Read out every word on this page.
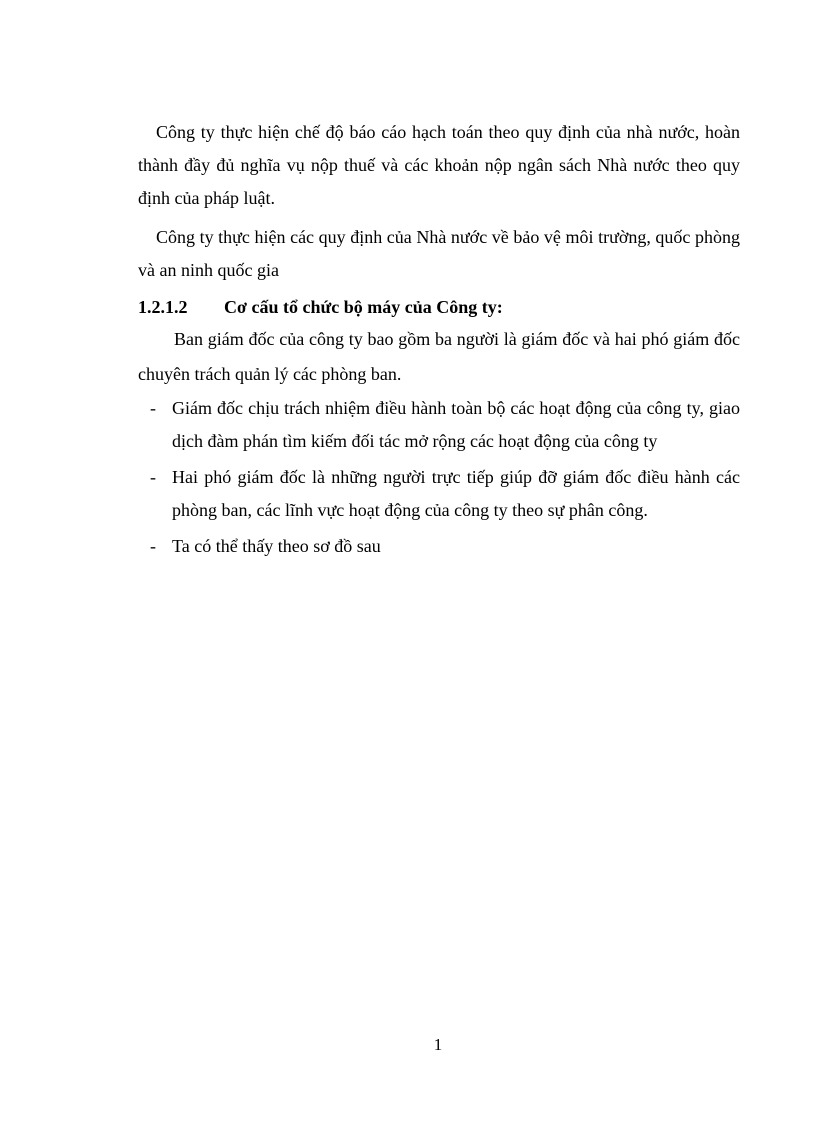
Công ty thực hiện chế độ báo cáo hạch toán theo quy định của nhà nước, hoàn thành đầy đủ nghĩa vụ nộp thuế và các khoản nộp ngân sách Nhà nước theo quy định của pháp luật.

Công ty thực hiện các quy định của Nhà nước về bảo vệ môi trường, quốc phòng và an ninh quốc gia

1.2.1.2 Cơ cấu tổ chức bộ máy của Công ty:

Ban giám đốc của công ty bao gồm ba người là giám đốc và hai phó giám đốc chuyên trách quản lý các phòng ban.

- Giám đốc chịu trách nhiệm điều hành toàn bộ các hoạt động của công ty, giao dịch đàm phán tìm kiếm đối tác mở rộng các hoạt động của công ty
- Hai phó giám đốc là những người trực tiếp giúp đỡ giám đốc điều hành các phòng ban, các lĩnh vực hoạt động của công ty theo sự phân công.
- Ta có thể thấy theo sơ đồ sau
1
